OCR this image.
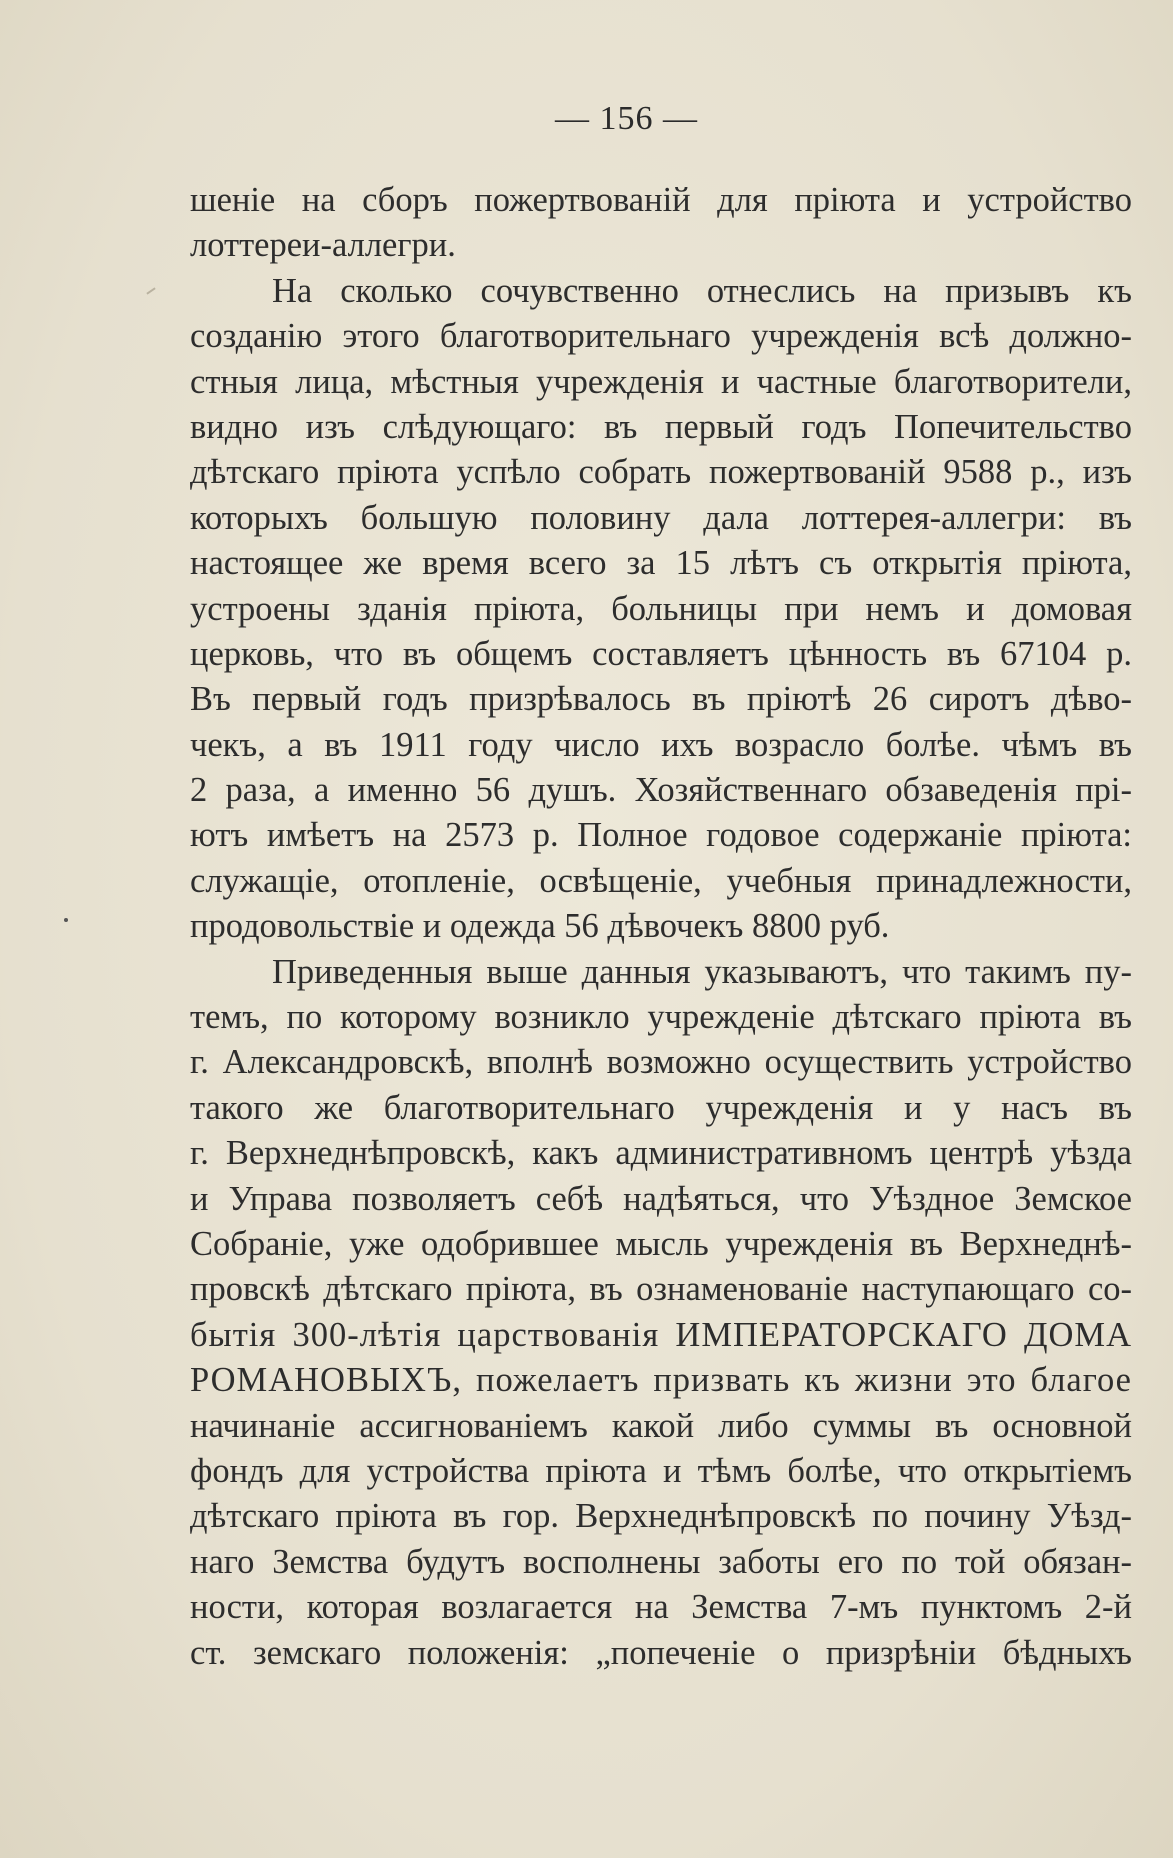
— 156 —
шеніе на сборъ пожертвованій для пріюта и устройство
лоттереи-аллегри.
На сколько сочувственно отнеслись на призывъ къ
созданію этого благотворительнаго учрежденія всѣ должно-
стныя лица, мѣстныя учрежденія и частные благотворители,
видно изъ слѣдующаго: въ первый годъ Попечительство
дѣтскаго пріюта успѣло собрать пожертвованій 9588 р., изъ
которыхъ большую половину дала лоттерея-аллегри: въ
настоящее же время всего за 15 лѣтъ съ открытія пріюта,
устроены зданія пріюта, больницы при немъ и домовая
церковь, что въ общемъ составляетъ цѣнность въ 67104 р.
Въ первый годъ призрѣвалось въ пріютѣ 26 сиротъ дѣво-
чекъ, а въ 1911 году число ихъ возрасло болѣе. чѣмъ въ
2 раза, а именно 56 душъ. Хозяйственнаго обзаведенія прі-
ютъ имѣетъ на 2573 р. Полное годовое содержаніе пріюта:
служащіе, отопленіе, освѣщеніе, учебныя принадлежности,
продовольствіе и одежда 56 дѣвочекъ 8800 руб.
Приведенныя выше данныя указываютъ, что такимъ пу-
темъ, по которому возникло учрежденіе дѣтскаго пріюта въ
г. Александровскѣ, вполнѣ возможно осуществить устройство
такого же благотворительнаго учрежденія и у насъ въ
г. Верхнеднѣпровскѣ, какъ административномъ центрѣ уѣзда
и Управа позволяетъ себѣ надѣяться, что Уѣздное Земское
Собраніе, уже одобрившее мысль учрежденія въ Верхнеднѣ-
провскѣ дѣтскаго пріюта, въ ознаменованіе наступающаго со-
бытія 300-лѣтія царствованія ИМПЕРАТОРСКАГО ДОМА
РОМАНОВЫХЪ, пожелаетъ призвать къ жизни это благое
начинаніе ассигнованіемъ какой либо суммы въ основной
фондъ для устройства пріюта и тѣмъ болѣе, что открытіемъ
дѣтскаго пріюта въ гор. Верхнеднѣпровскѣ по почину Уѣзд-
наго Земства будутъ восполнены заботы его по той обязан-
ности, которая возлагается на Земства 7-мъ пунктомъ 2-й
ст. земскаго положенія: „попеченіе о призрѣніи бѣдныхъ
